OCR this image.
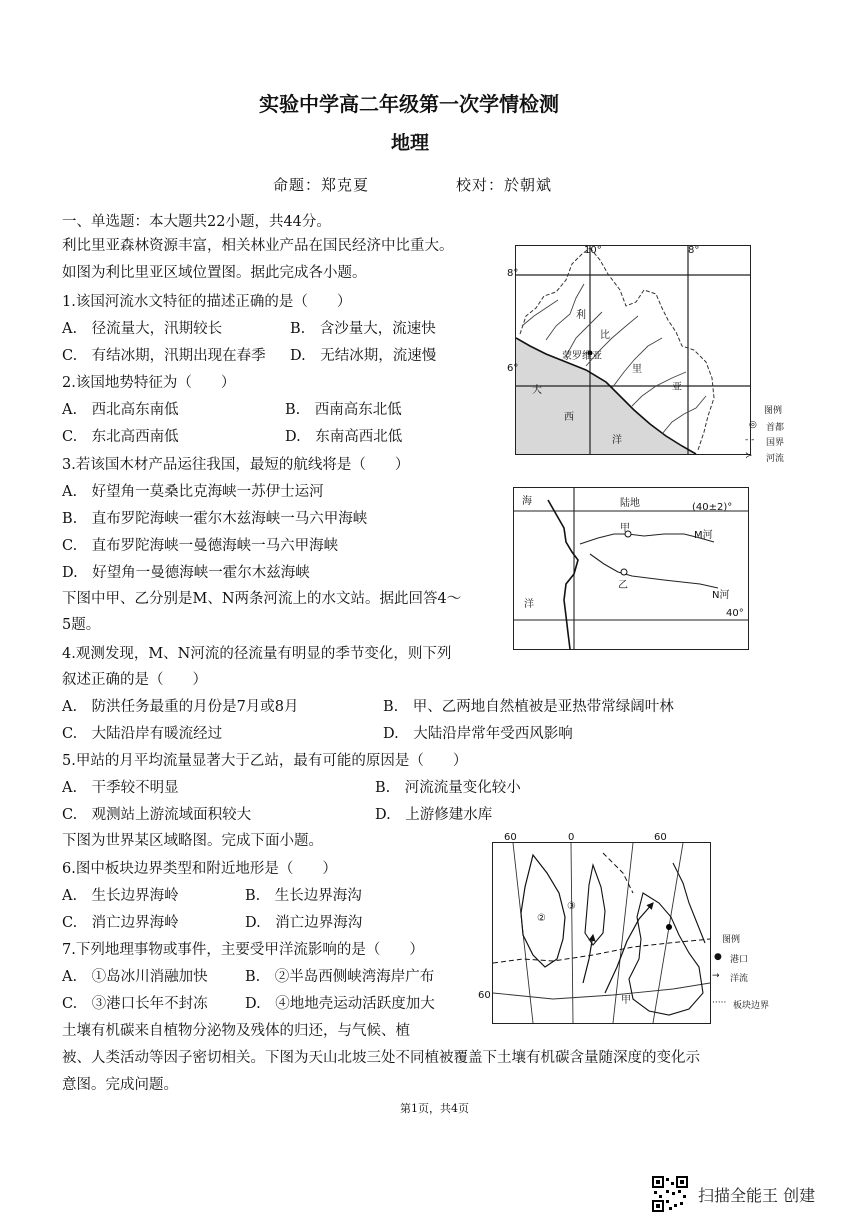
实验中学高二年级第一次学情检测
地理
命题：郑克夏	校对：於朝斌
一、单选题：本大题共22小题，共44分。
利比里亚森林资源丰富，相关林业产品在国民经济中比重大。
如图为利比里亚区域位置图。据此完成各小题。
1.该国河流水文特征的描述正确的是（　　）
A.　径流量大，汛期较长	B.　含沙量大，流速快
C.　有结冰期，汛期出现在春季 D.　无结冰期，流速慢
2.该国地势特征为（　　）
A.　西北高东南低	B.　西南高东北低
C.　东北高西南低	D.　东南高西北低
3.若该国木材产品运往我国，最短的航线将是（　　）
A.　好望角一莫桑比克海峡一苏伊士运河
B.　直布罗陀海峡一霍尔木兹海峡一马六甲海峡
C.　直布罗陀海峡一曼德海峡一马六甲海峡
D.　好望角一曼德海峡一霍尔木兹海峡
下图中甲、乙分别是M、N两条河流上的水文站。据此回答4～
5题。
4.观测发现，M、N河流的径流量有明显的季节变化，则下列
叙述正确的是（　　）
A.　防洪任务最重的月份是7月或8月	B.　甲、乙两地自然植被是亚热带常绿阔叶林
C.　大陆沿岸有暖流经过	D.　大陆沿岸常年受西风影响
5.甲站的月平均流量显著大于乙站，最有可能的原因是（　　）
A.　干季较不明显	B.　河流流量变化较小
C.　观测站上游流域面积较大	D.　上游修建水库
下图为世界某区域略图。完成下面小题。
6.图中板块边界类型和附近地形是（　　）
A.　生长边界海岭	B.　生长边界海沟
C.　消亡边界海岭	D.　消亡边界海沟
7.下列地理事物或事件，主要受甲洋流影响的是（　　）
A.　①岛冰川消融加快	B.　②半岛西侧峡湾海岸广布
C.　③港口长年不封冻	D.　④地地壳运动活跃度加大
土壤有机碳来自植物分泌物及残体的归还，与气候、植
被、人类活动等因子密切相关。下图为天山北坡三处不同植被覆盖下土壤有机碳含量随深度的变化示
意图。完成问题。
10°	8°
利
比
里
亚
蒙罗维亚
大
西
洋
8°
6°
图例
◎ 首都
- - 国界
≻ 河流
海	陆地	(40±2)°
甲
M河
乙
N河
洋
40°
②
③
甲
60	0	60
60
图例
● 港口
→ 洋流
····· 板块边界
第1页，共4页
扫描全能王 创建
